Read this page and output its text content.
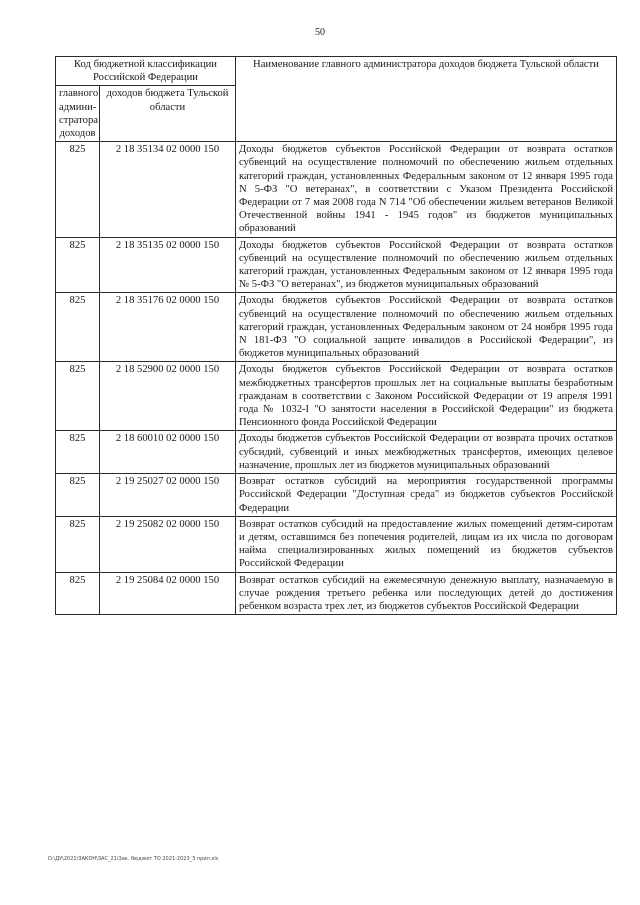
50
Код бюджетной классификации Российской Федерации		Наименование главного администратора доходов бюджета Тульской области
главного админи-стратора доходов	доходов бюджета Тульской области	
825	2 18 35134 02 0000 150	Доходы бюджетов субъектов Российской Федерации от возврата остатков субвенций на осуществление полномочий по обеспечению жильем отдельных категорий граждан, установленных Федеральным законом от 12 января 1995 года N 5-ФЗ "О ветеранах", в соответствии с Указом Президента Российской Федерации от 7 мая 2008 года N 714 "Об обеспечении жильем ветеранов Великой Отечественной войны 1941 - 1945 годов" из бюджетов муниципальных образований
825	2 18 35135 02 0000 150	Доходы бюджетов субъектов Российской Федерации от возврата остатков субвенций на осуществление полномочий по обеспечению жильем отдельных категорий граждан, установленных Федеральным законом от 12 января 1995 года № 5-ФЗ "О ветеранах", из бюджетов муниципальных образований
825	2 18 35176 02 0000 150	Доходы бюджетов субъектов Российской Федерации от возврата остатков субвенций на осуществление полномочий по обеспечению жильем отдельных категорий граждан, установленных Федеральным законом от 24 ноября 1995 года N 181-ФЗ "О социальной защите инвалидов в Российской Федерации", из бюджетов муниципальных образований
825	2 18 52900 02 0000 150	Доходы бюджетов субъектов Российской Федерации от возврата остатков межбюджетных трансфертов прошлых лет на социальные выплаты безработным гражданам в соответствии с Законом Российской Федерации от 19 апреля 1991 года № 1032-I "О занятости населения в Российской Федерации" из бюджета Пенсионного фонда Российской Федерации
825	2 18 60010 02 0000 150	Доходы бюджетов субъектов Российской Федерации от возврата прочих остатков субсидий, субвенций и иных межбюджетных трансфертов, имеющих целевое назначение, прошлых лет из бюджетов муниципальных образований
825	2 19 25027 02 0000 150	Возврат остатков субсидий на мероприятия государственной программы Российской Федерации "Доступная среда" из бюджетов субъектов Российской Федерации
825	2 19 25082 02 0000 150	Возврат остатков субсидий на предоставление жилых помещений детям-сиротам и детям, оставшимся без попечения родителей, лицам из их числа по договорам найма специализированных жилых помещений из бюджетов субъектов Российской Федерации
825	2 19 25084 02 0000 150	Возврат остатков субсидий на ежемесячную денежную выплату, назначаемую в случае рождения третьего ребенка или последующих детей до достижения ребенком возраста трех лет, из бюджетов субъектов Российской Федерации
D:\ДУ\2021\ЗАКОН\ЗАС_21\Зак. бюджет ТО 2021-2023_3 прил.xls
